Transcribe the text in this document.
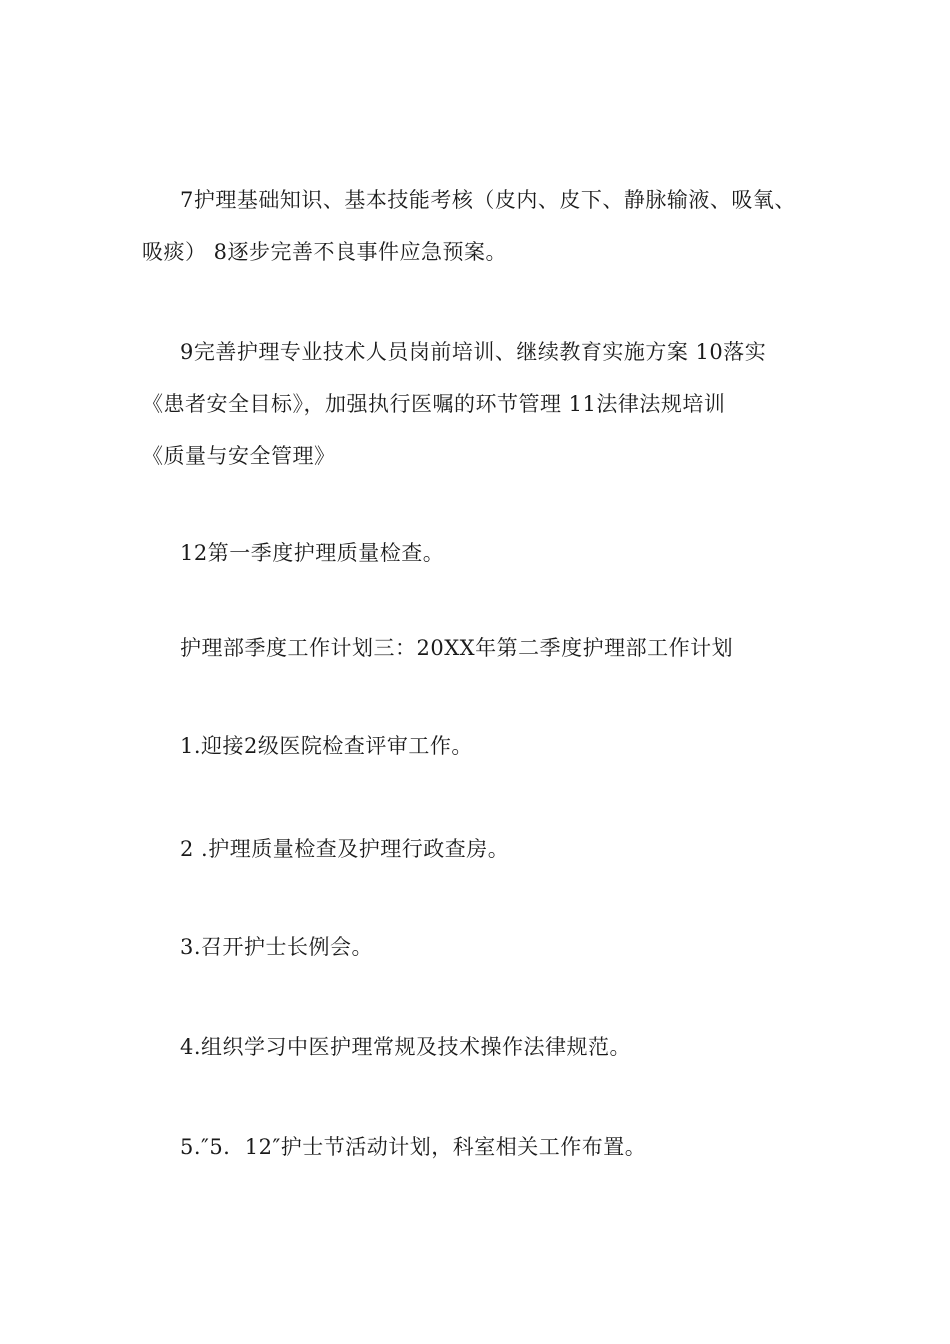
7护理基础知识、基本技能考核（皮内、皮下、静脉输液、吸氧、
吸痰） 8逐步完善不良事件应急预案。

9完善护理专业技术人员岗前培训、继续教育实施方案 10落实
《患者安全目标》，加强执行医嘱的环节管理 11法律法规培训
《质量与安全管理》

12第一季度护理质量检查。

护理部季度工作计划三：20XX年第二季度护理部工作计划

1.迎接2级医院检查评审工作。

2 .护理质量检查及护理行政查房。

3.召开护士长例会。

4.组织学习中医护理常规及技术操作法律规范。

5.″5．12″护士节活动计划，科室相关工作布置。
